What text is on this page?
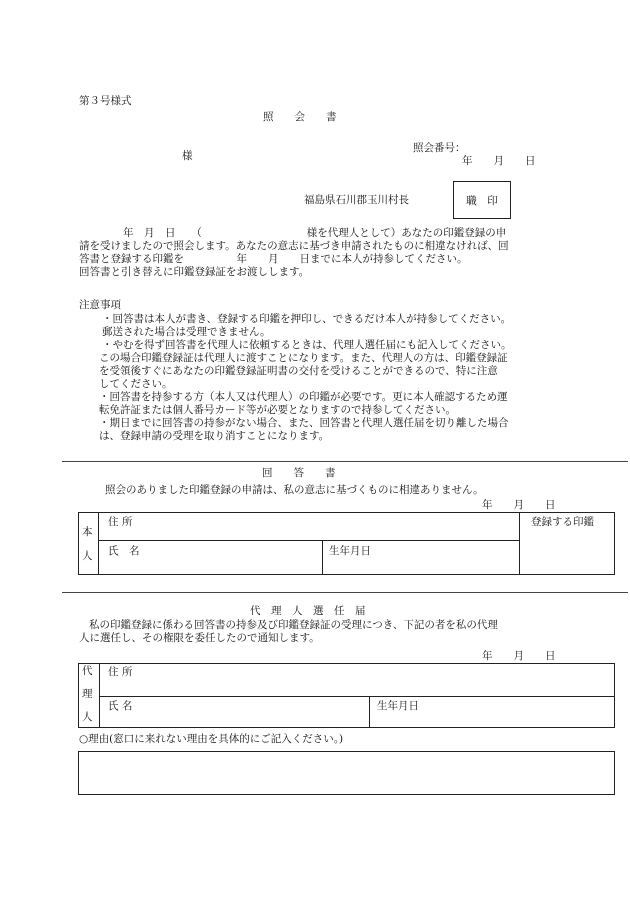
第３号様式

照　　会　　書

様

照会番号：

年　　月　　日

福島県石川郡玉川村長	職　印
年　月　日　　（　　　　　　　　　　様を代理人として）あなたの印鑑登録の申
請を受けましたので照会します。あなたの意志に基づき申請されたものに相違なければ、回
答書と登録する印鑑を　　　　　年　　月　　日までに本人が持参してください。
回答書と引き替えに印鑑登録証をお渡しします。

注意事項

・回答書は本人が書き、登録する印鑑を押印し、できるだけ本人が持参してください。
郵送された場合は受理できません。
・やむを得ず回答書を代理人に依頼するときは、代理人選任届にも記入してください。
この場合印鑑登録証は代理人に渡すことになります。また、代理人の方は、印鑑登録証
を受領後すぐにあなたの印鑑登録証明書の交付を受けることができるので、特に注意
してください。
・回答書を持参する方（本人又は代理人）の印鑑が必要です。更に本人確認するため運
転免許証または個人番号カード等が必要となりますので持参してください。
・期日までに回答書の持参がない場合、また、回答書と代理人選任届を切り離した場合
は、登録申請の受理を取り消すことになります。

回　　答　　書

照会のありました印鑑登録の申請は、私の意志に基づくものに相違ありません。

年　　月　　日

本
人
住 所
氏　名	生年月日
登録する印鑑

代　理　人　選　任　届

私の印鑑登録に係わる回答書の持参及び印鑑登録証の受理につき、下記の者を私の代理
人に選任し、その権限を委任したので通知します。

年　　月　　日

代
理
人
住 所
氏 名	生年月日

○理由(窓口に来れない理由を具体的にご記入ください。)
